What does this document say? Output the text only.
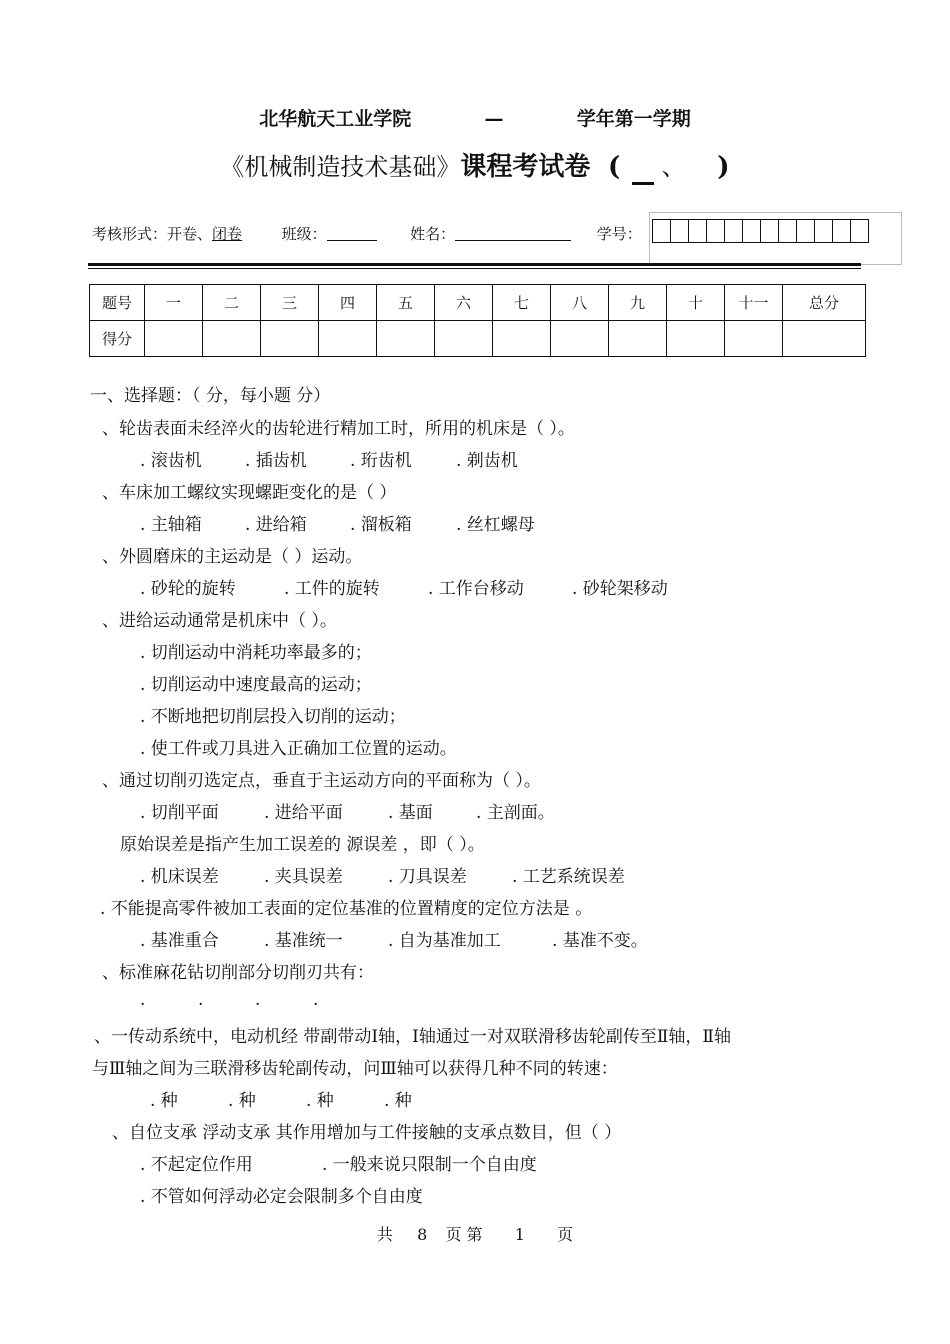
北华航天工业学院	—	学年第一学期
《机械制造技术基础》课程考试卷 ( 、 )
考核形式：开卷、闭卷	班级：	姓名：	学号：
题号	一	二	三	四	五	六	七	八	九	十	十一	总分
得分												
一、选择题：（ 分，每小题 分）
、轮齿表面未经淬火的齿轮进行精加工时，所用的机床是（ ）。
. 滚齿机	. 插齿机	. 珩齿机	. 剃齿机
、车床加工螺纹实现螺距变化的是（ ）
. 主轴箱	. 进给箱	. 溜板箱	. 丝杠螺母
、外圆磨床的主运动是（ ）运动。
. 砂轮的旋转	. 工件的旋转	. 工作台移动	. 砂轮架移动
、进给运动通常是机床中（ ）。
. 切削运动中消耗功率最多的；
. 切削运动中速度最高的运动；
. 不断地把切削层投入切削的运动；
. 使工件或刀具进入正确加工位置的运动。
、通过切削刃选定点，垂直于主运动方向的平面称为（ ）。
. 切削平面	. 进给平面	. 基面	. 主剖面。
原始误差是指产生加工误差的 源误差 ，即（ ）。
. 机床误差	. 夹具误差	. 刀具误差	. 工艺系统误差
. 不能提高零件被加工表面的定位基准的位置精度的定位方法是 。
. 基准重合	. 基准统一	. 自为基准加工	. 基准不变。
、标准麻花钻切削部分切削刃共有：
.	.	.	.
、一传动系统中，电动机经 带副带动Ⅰ轴，Ⅰ轴通过一对双联滑移齿轮副传至Ⅱ轴，Ⅱ轴
与Ⅲ轴之间为三联滑移齿轮副传动，问Ⅲ轴可以获得几种不同的转速：
. 种	. 种	. 种	. 种
、自位支承 浮动支承 其作用增加与工件接触的支承点数目，但（ ）
. 不起定位作用	. 一般来说只限制一个自由度
. 不管如何浮动必定会限制多个自由度
共 8 页 第 1 页
